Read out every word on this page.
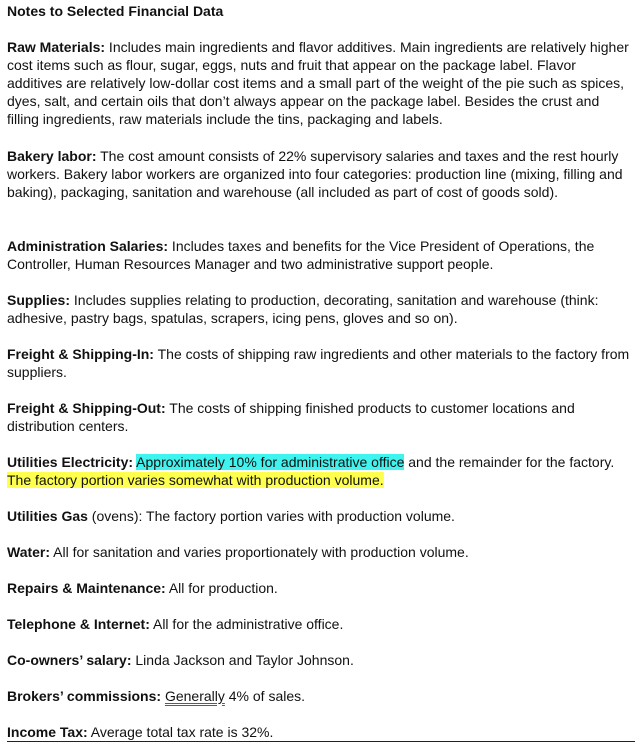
Notes to Selected Financial Data

Raw Materials: Includes main ingredients and flavor additives. Main ingredients are relatively higher cost items such as flour, sugar, eggs, nuts and fruit that appear on the package label. Flavor additives are relatively low-dollar cost items and a small part of the weight of the pie such as spices, dyes, salt, and certain oils that don’t always appear on the package label. Besides the crust and filling ingredients, raw materials include the tins, packaging and labels.

Bakery labor: The cost amount consists of 22% supervisory salaries and taxes and the rest hourly workers. Bakery labor workers are organized into four categories: production line (mixing, filling and baking), packaging, sanitation and warehouse (all included as part of cost of goods sold).

Administration Salaries: Includes taxes and benefits for the Vice President of Operations, the Controller, Human Resources Manager and two administrative support people.

Supplies: Includes supplies relating to production, decorating, sanitation and warehouse (think: adhesive, pastry bags, spatulas, scrapers, icing pens, gloves and so on).

Freight & Shipping-In: The costs of shipping raw ingredients and other materials to the factory from suppliers.

Freight & Shipping-Out: The costs of shipping finished products to customer locations and distribution centers.

Utilities Electricity: Approximately 10% for administrative office and the remainder for the factory. The factory portion varies somewhat with production volume.

Utilities Gas (ovens): The factory portion varies with production volume.

Water: All for sanitation and varies proportionately with production volume.

Repairs & Maintenance: All for production.

Telephone & Internet: All for the administrative office.

Co-owners’ salary: Linda Jackson and Taylor Johnson.

Brokers’ commissions: Generally 4% of sales.

Income Tax: Average total tax rate is 32%.
